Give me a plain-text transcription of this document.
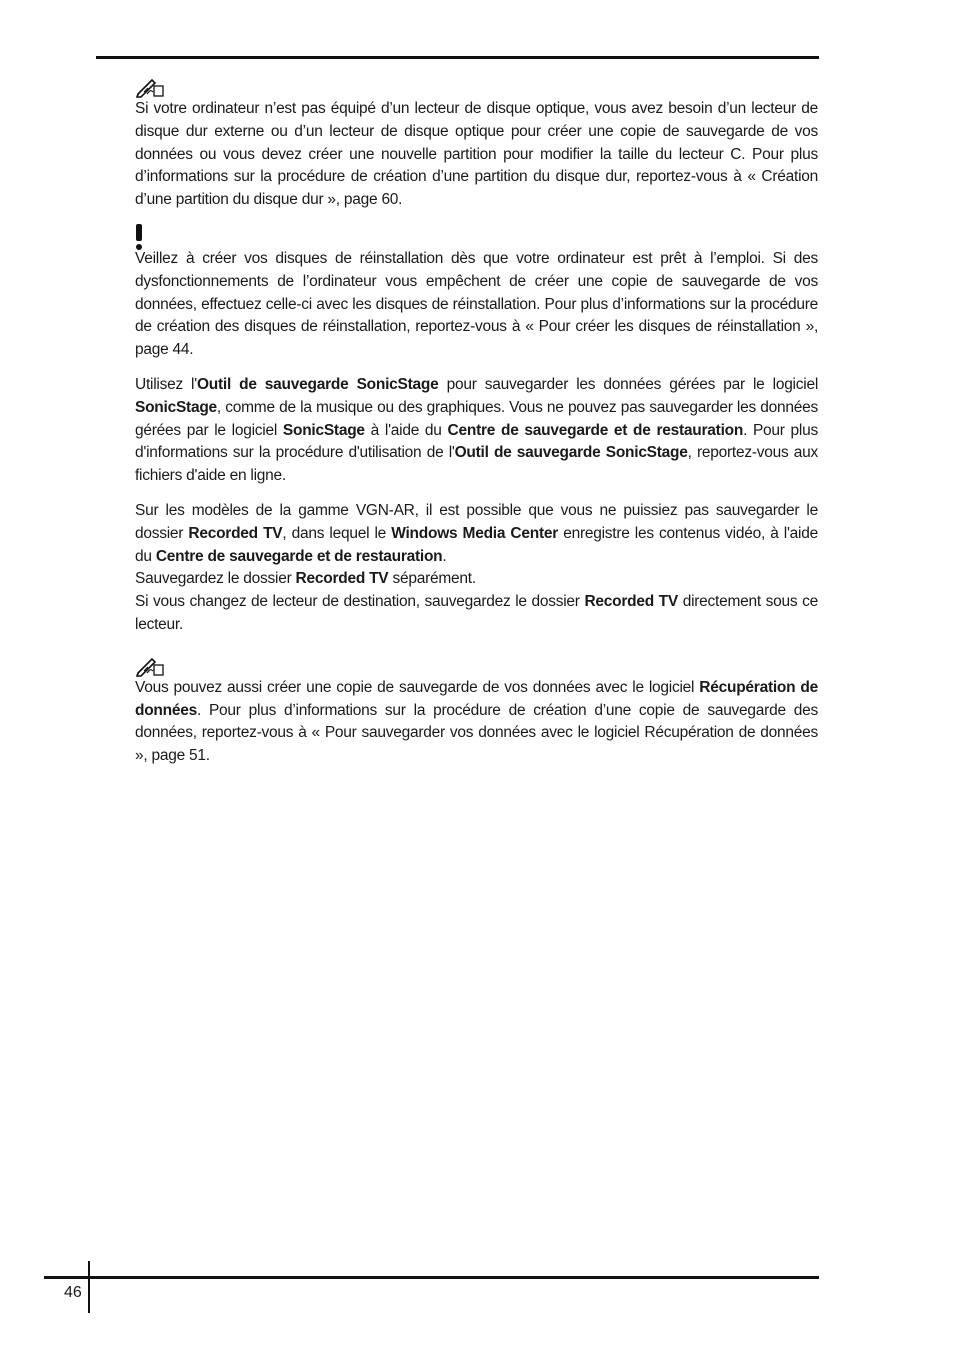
Si votre ordinateur n’est pas équipé d’un lecteur de disque optique, vous avez besoin d’un lecteur de disque dur externe ou d’un lecteur de disque optique pour créer une copie de sauvegarde de vos données ou vous devez créer une nouvelle partition pour modifier la taille du lecteur C. Pour plus d’informations sur la procédure de création d’une partition du disque dur, reportez-vous à « Création d’une partition du disque dur », page 60.

Veillez à créer vos disques de réinstallation dès que votre ordinateur est prêt à l’emploi. Si des dysfonctionnements de l’ordinateur vous empêchent de créer une copie de sauvegarde de vos données, effectuez celle-ci avec les disques de réinstallation. Pour plus d’informations sur la procédure de création des disques de réinstallation, reportez-vous à « Pour créer les disques de réinstallation », page 44.

Utilisez l'Outil de sauvegarde SonicStage pour sauvegarder les données gérées par le logiciel SonicStage, comme de la musique ou des graphiques. Vous ne pouvez pas sauvegarder les données gérées par le logiciel SonicStage à l'aide du Centre de sauvegarde et de restauration. Pour plus d'informations sur la procédure d'utilisation de l'Outil de sauvegarde SonicStage, reportez-vous aux fichiers d'aide en ligne.

Sur les modèles de la gamme VGN-AR, il est possible que vous ne puissiez pas sauvegarder le dossier Recorded TV, dans lequel le Windows Media Center enregistre les contenus vidéo, à l'aide du Centre de sauvegarde et de restauration.

Sauvegardez le dossier Recorded TV séparément.

Si vous changez de lecteur de destination, sauvegardez le dossier Recorded TV directement sous ce lecteur.

Vous pouvez aussi créer une copie de sauvegarde de vos données avec le logiciel Récupération de données. Pour plus d’informations sur la procédure de création d’une copie de sauvegarde des données, reportez-vous à « Pour sauvegarder vos données avec le logiciel Récupération de données », page 51.

46
